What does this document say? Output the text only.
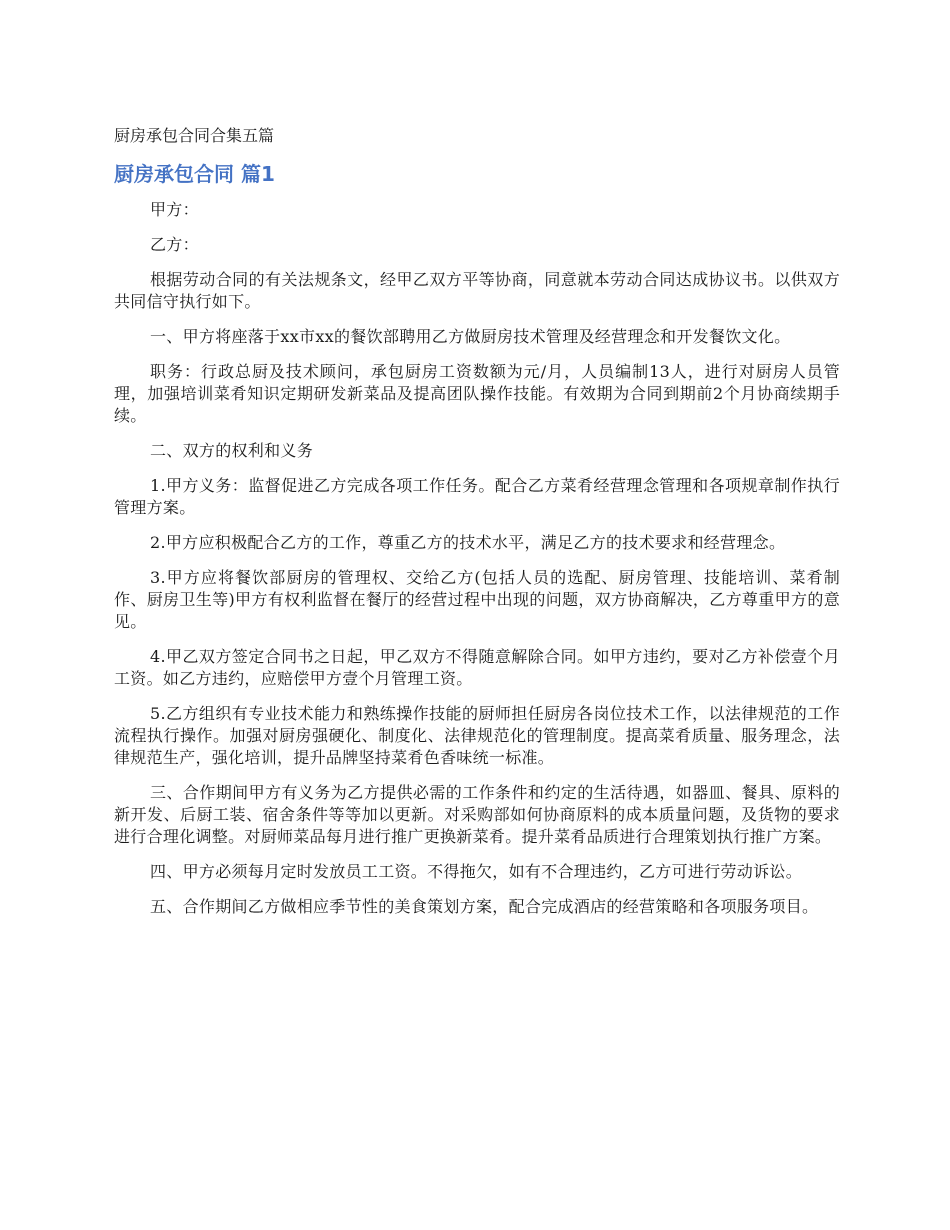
厨房承包合同合集五篇
厨房承包合同 篇1

甲方：

乙方：

根据劳动合同的有关法规条文，经甲乙双方平等协商，同意就本劳动合同达成协议书。以供双方共同信守执行如下。

一、甲方将座落于xx市xx的餐饮部聘用乙方做厨房技术管理及经营理念和开发餐饮文化。

职务：行政总厨及技术顾问，承包厨房工资数额为元/月，人员编制13人，进行对厨房人员管理，加强培训菜肴知识定期研发新菜品及提高团队操作技能。有效期为合同到期前2个月协商续期手续。

二、双方的权利和义务

1.甲方义务：监督促进乙方完成各项工作任务。配合乙方菜肴经营理念管理和各项规章制作执行管理方案。

2.甲方应积极配合乙方的工作，尊重乙方的技术水平，满足乙方的技术要求和经营理念。

3.甲方应将餐饮部厨房的管理权、交给乙方(包括人员的选配、厨房管理、技能培训、菜肴制作、厨房卫生等)甲方有权利监督在餐厅的经营过程中出现的问题，双方协商解决，乙方尊重甲方的意见。

4.甲乙双方签定合同书之日起，甲乙双方不得随意解除合同。如甲方违约，要对乙方补偿壹个月工资。如乙方违约，应赔偿甲方壹个月管理工资。

5.乙方组织有专业技术能力和熟练操作技能的厨师担任厨房各岗位技术工作，以法律规范的工作流程执行操作。加强对厨房强硬化、制度化、法律规范化的管理制度。提高菜肴质量、服务理念，法律规范生产，强化培训，提升品牌坚持菜肴色香味统一标准。

三、合作期间甲方有义务为乙方提供必需的工作条件和约定的生活待遇，如器皿、餐具、原料的新开发、后厨工装、宿舍条件等等加以更新。对采购部如何协商原料的成本质量问题，及货物的要求进行合理化调整。对厨师菜品每月进行推广更换新菜肴。提升菜肴品质进行合理策划执行推广方案。

四、甲方必须每月定时发放员工工资。不得拖欠，如有不合理违约，乙方可进行劳动诉讼。

五、合作期间乙方做相应季节性的美食策划方案，配合完成酒店的经营策略和各项服务项目。
